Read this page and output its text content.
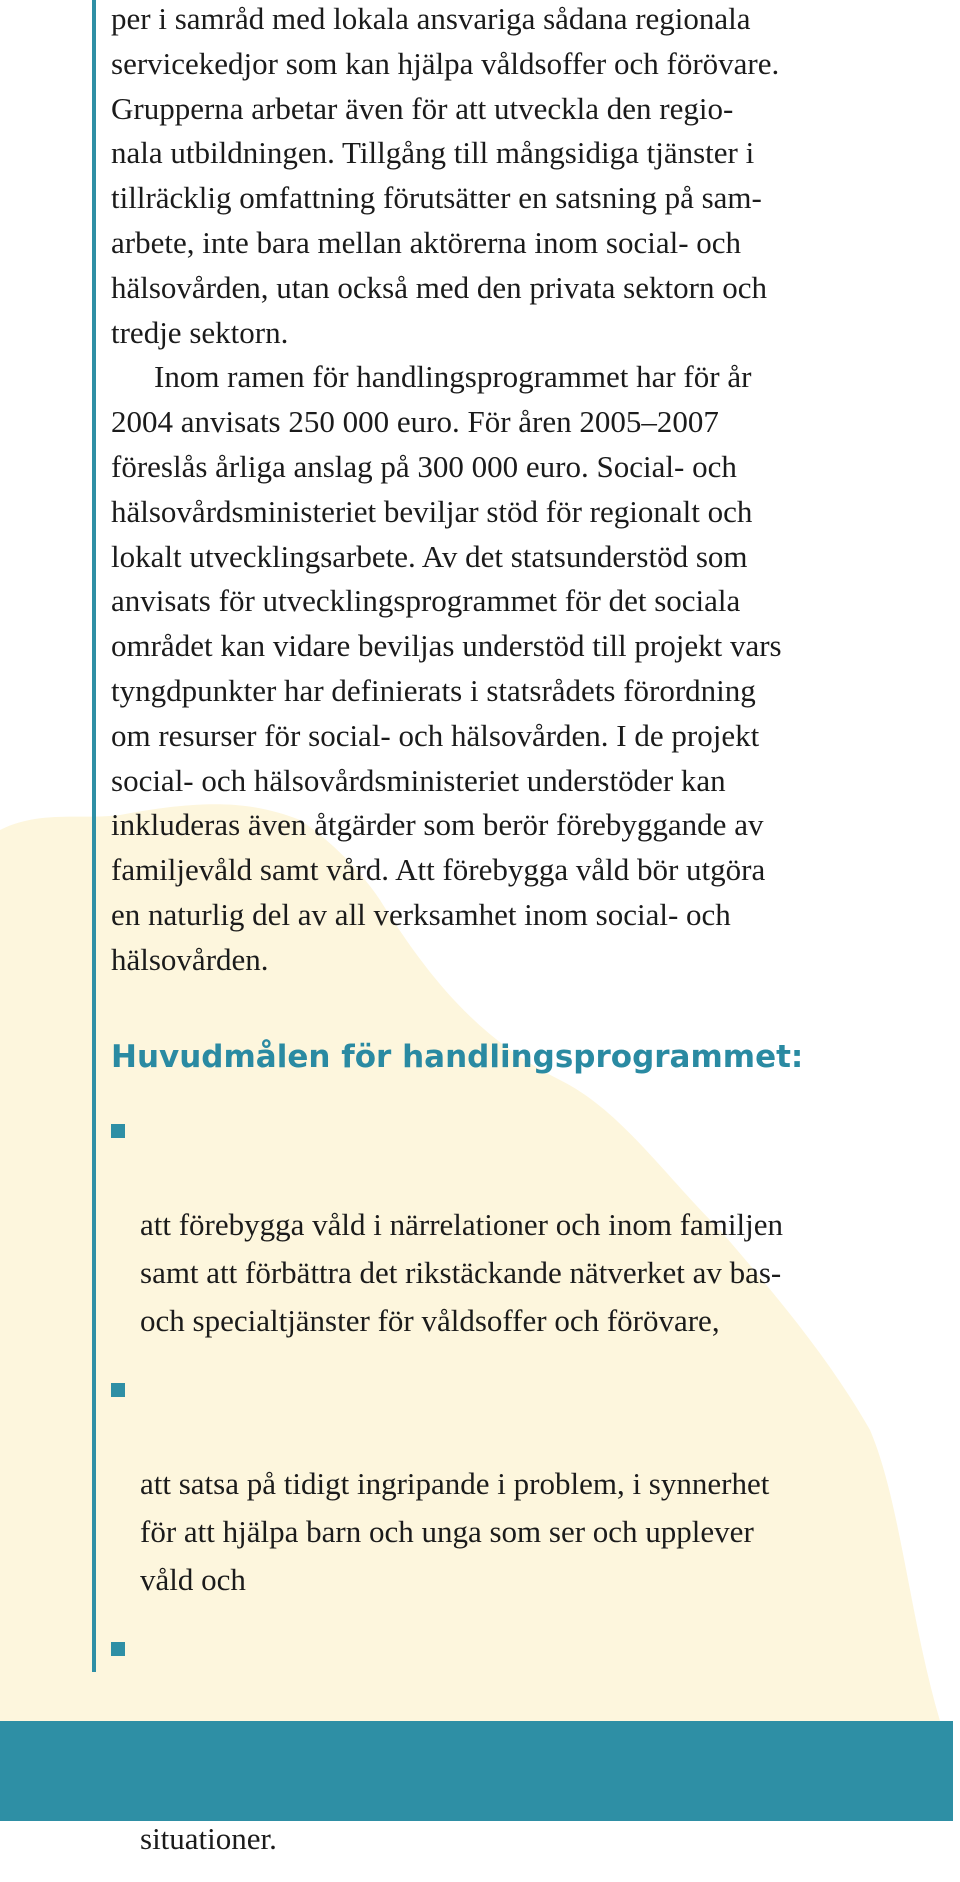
per i samråd med lokala ansvariga sådana regionala
servicekedjor som kan hjälpa våldsoffer och förövare.
Grupperna arbetar även för att utveckla den regio-
nala utbildningen. Tillgång till mångsidiga tjänster i
tillräcklig omfattning förutsätter en satsning på sam-
arbete, inte bara mellan aktörerna inom social- och
hälsovården, utan också med den privata sektorn och
tredje sektorn.

Inom ramen för handlingsprogrammet har för år
2004 anvisats 250 000 euro. För åren 2005–2007
föreslås årliga anslag på 300 000 euro. Social- och
hälsovårdsministeriet beviljar stöd för regionalt och
lokalt utvecklingsarbete. Av det statsunderstöd som
anvisats för utvecklingsprogrammet för det sociala
området kan vidare beviljas understöd till projekt vars
tyngdpunkter har definierats i statsrådets förordning
om resurser för social- och hälsovården. I de projekt
social- och hälsovårdsministeriet understöder kan
inkluderas även åtgärder som berör förebyggande av
familjevåld samt vård. Att förebygga våld bör utgöra
en naturlig del av all verksamhet inom social- och
hälsovården.

Huvudmålen för handlingsprogrammet:

att förebygga våld i närrelationer och inom familjen
samt att förbättra det rikstäckande nätverket av bas-
och specialtjänster för våldsoffer och förövare,

att satsa på tidigt ingripande i problem, i synnerhet
för att hjälpa barn och unga som ser och upplever
våld och

situationer.
